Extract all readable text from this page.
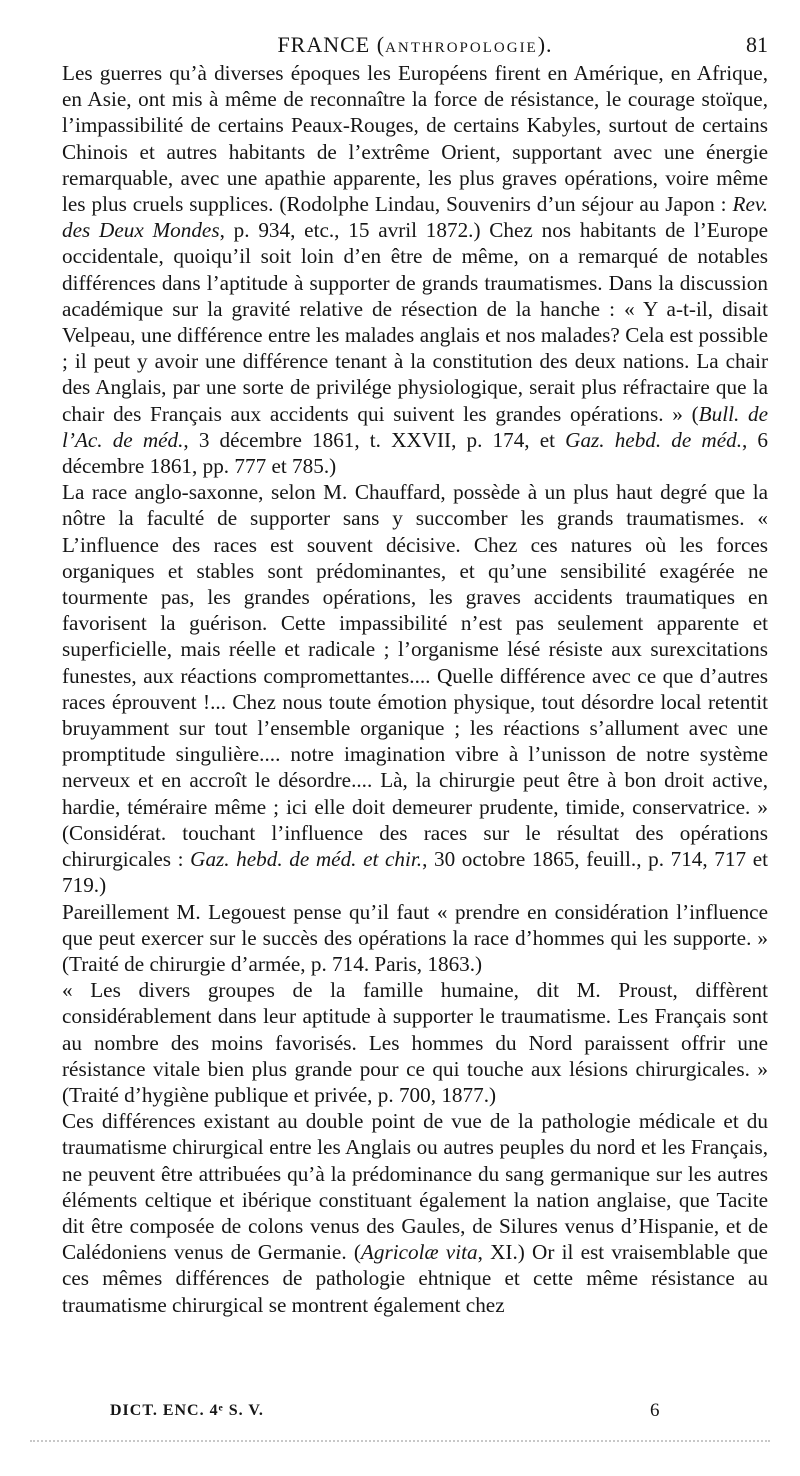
FRANCE (ANTHROPOLOGIE).	81

Les guerres qu’à diverses époques les Européens firent en Amérique, en Afrique, en Asie, ont mis à même de reconnaître la force de résistance, le courage stoïque, l’impassibilité de certains Peaux-Rouges, de certains Kabyles, surtout de certains Chinois et autres habitants de l’extrême Orient, supportant avec une énergie remarquable, avec une apathie apparente, les plus graves opérations, voire même les plus cruels supplices. (Rodolphe Lindau, Souvenirs d’un séjour au Japon : Rev. des Deux Mondes, p. 934, etc., 15 avril 1872.) Chez nos habitants de l’Europe occidentale, quoiqu’il soit loin d’en être de même, on a remarqué de notables différences dans l’aptitude à supporter de grands traumatismes. Dans la discussion académique sur la gravité relative de résection de la hanche : « Y a-t-il, disait Velpeau, une différence entre les malades anglais et nos malades? Cela est possible ; il peut y avoir une différence tenant à la constitution des deux nations. La chair des Anglais, par une sorte de privilége physiologique, serait plus réfractaire que la chair des Français aux accidents qui suivent les grandes opérations. » (Bull. de l’Ac. de méd., 3 décembre 1861, t. XXVII, p. 174, et Gaz. hebd. de méd., 6 décembre 1861, pp. 777 et 785.)

La race anglo-saxonne, selon M. Chauffard, possède à un plus haut degré que la nôtre la faculté de supporter sans y succomber les grands traumatismes. « L’influence des races est souvent décisive. Chez ces natures où les forces organiques et stables sont prédominantes, et qu’une sensibilité exagérée ne tourmente pas, les grandes opérations, les graves accidents traumatiques en favorisent la guérison. Cette impassibilité n’est pas seulement apparente et superficielle, mais réelle et radicale ; l’organisme lésé résiste aux surexcitations funestes, aux réactions compromettantes.... Quelle différence avec ce que d’autres races éprouvent !... Chez nous toute émotion physique, tout désordre local retentit bruyamment sur tout l’ensemble organique ; les réactions s’allument avec une promptitude singulière.... notre imagination vibre à l’unisson de notre système nerveux et en accroît le désordre.... Là, la chirurgie peut être à bon droit active, hardie, téméraire même ; ici elle doit demeurer prudente, timide, conservatrice. » (Considérat. touchant l’influence des races sur le résultat des opérations chirurgicales : Gaz. hebd. de méd. et chir., 30 octobre 1865, feuill., p. 714, 717 et 719.)

Pareillement M. Legouest pense qu’il faut « prendre en considération l’influence que peut exercer sur le succès des opérations la race d’hommes qui les supporte. » (Traité de chirurgie d’armée, p. 714. Paris, 1863.)

« Les divers groupes de la famille humaine, dit M. Proust, diffèrent considérablement dans leur aptitude à supporter le traumatisme. Les Français sont au nombre des moins favorisés. Les hommes du Nord paraissent offrir une résistance vitale bien plus grande pour ce qui touche aux lésions chirurgicales. » (Traité d’hygiène publique et privée, p. 700, 1877.)

Ces différences existant au double point de vue de la pathologie médicale et du traumatisme chirurgical entre les Anglais ou autres peuples du nord et les Français, ne peuvent être attribuées qu’à la prédominance du sang germanique sur les autres éléments celtique et ibérique constituant également la nation anglaise, que Tacite dit être composée de colons venus des Gaules, de Silures venus d’Hispanie, et de Calédoniens venus de Germanie. (Agricolæ vita, XI.) Or il est vraisemblable que ces mêmes différences de pathologie ehtnique et cette même résistance au traumatisme chirurgical se montrent également chez

DICT. ENC. 4ᵉ S. V.	6
